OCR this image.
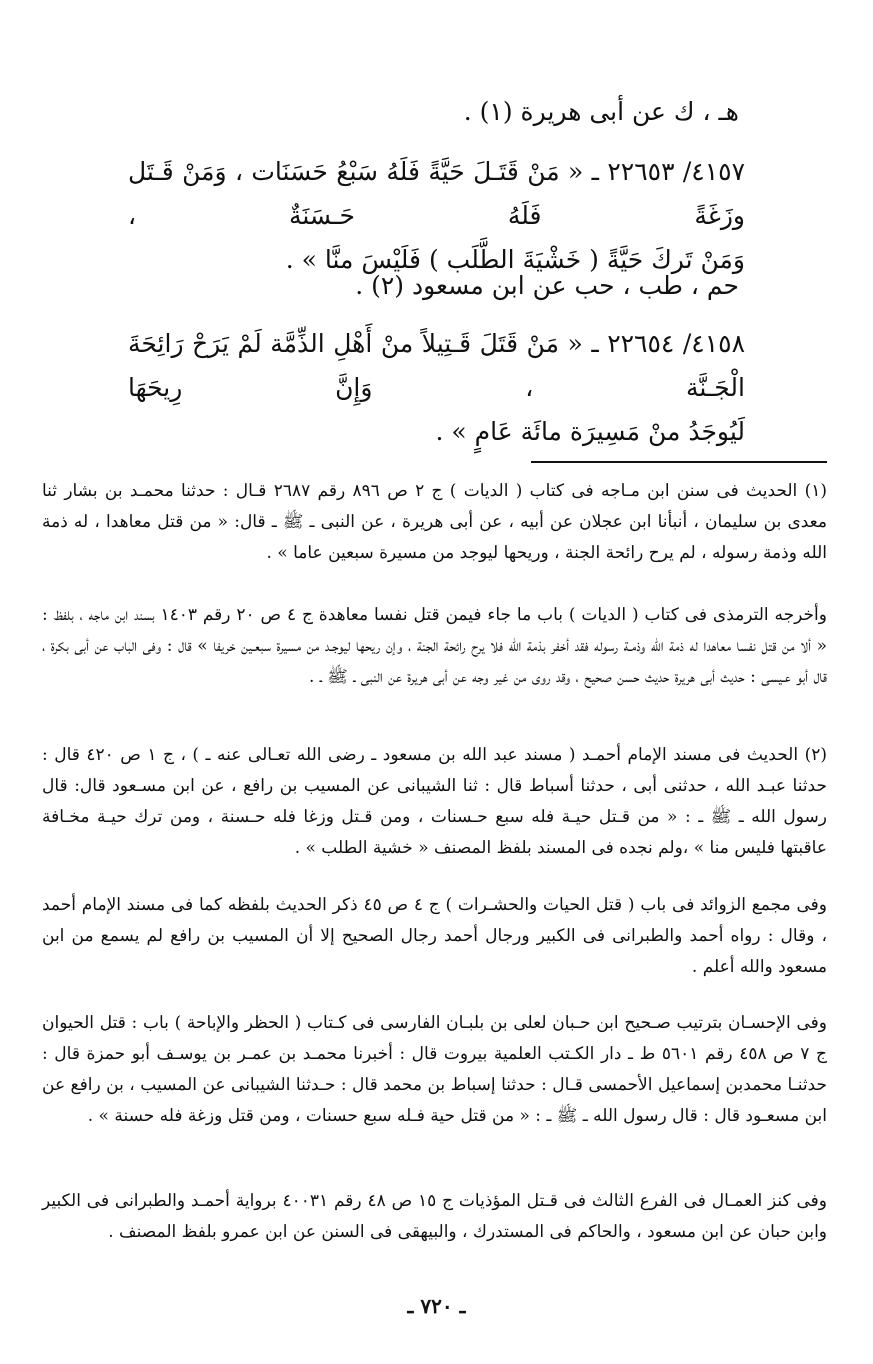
هـ ، ك عن أبى هريرة (١) .
٤١٥٧/ ٢٢٦٥٣ ـ « مَنْ قَتَـلَ حَيَّةً فَلَهُ سَبْعُ حَسَنَات ، وَمَنْ قَـتَل وزَغَةً فَلَهُ حَـسَنَةٌ ،
وَمَنْ تَركَ حَيَّةً ( خَشْيَةَ الطَّلَب ) فَلَيْسَ منَّا » .
حم ، طب ، حب عن ابن مسعود (٢) .
٤١٥٨/ ٢٢٦٥٤ ـ « مَنْ قَتَلَ قَـتِيلاً منْ أَهْلِ الذِّمَّة لَمْ يَرَحْ رَائِحَةَ الْجَـنَّة ، وَإِنَّ رِيحَهَا
لَيُوجَدُ منْ مَسِيرَة مائَة عَامٍ » .
(١) الحديث فى سنن ابن مـاجه فى كتاب ( الديات ) ج ٢ ص ٨٩٦ رقم ٢٦٨٧ قـال : حدثنا محمـد بن بشار ثنا معدى بن سليمان ، أنبأنا ابن عجلان عن أبيه ، عن أبى هريرة ، عن النبى ـ ﷺ ـ قال: « من قتل معاهدا ، له ذمة الله وذمة رسوله ، لم يرح رائحة الجنة ، وريحها ليوجد من مسيرة سبعين عاما » .
وأخرجه الترمذى فى كتاب ( الديات ) باب ما جاء فيمن قتل نفسا معاهدة ج ٤ ص ٢٠ رقم ١٤٠٣ بسند ابن ماجه ، بلفظ : « ألا من قتل نفسا معاهدا له ذمة الله وذمـة رسوله فقد أخفر بذمة الله فلا يرح رائحة الجنة ، وإن ريحها ليوجـد من مسيرة سبعـين خريفا » قال : وفى الباب عن أبى بكرة ، قال أبو عـيسى : حديث أبى هريرة حديث حسن صحيح ، وقد روى من غير وجه عن أبى هريرة عن النبى ـ ﷺ ـ .
(٢) الحديث فى مسند الإمام أحمـد ( مسند عبد الله بن مسعود ـ رضى الله تعـالى عنه ـ ) ، ج ١ ص ٤٢٠ قال : حدثنا عبـد الله ، حدثنى أبى ، حدثنا أسباط قال : ثنا الشيبانى عن المسيب بن رافع ، عن ابن مسـعود قال: قال رسول الله ـ ﷺ ـ : « من قـتل حيـة فله سبع حـسنات ، ومن قـتل وزغا فله حـسنة ، ومن ترك حيـة مخـافة عاقبتها فليس منا » ،ولم نجده فى المسند بلفظ المصنف « خشية الطلب » .
وفى مجمع الزوائد فى باب ( قتل الحيات والحشـرات ) ج ٤ ص ٤٥ ذكر الحديث بلفظه كما فى مسند الإمام أحمد ، وقال : رواه أحمد والطبرانى فى الكبير ورجال أحمد رجال الصحيح إلا أن المسيب بن رافع لم يسمع من ابن مسعود والله أعلم .
وفى الإحسـان بترتيب صـحيح ابن حـبان لعلى بن بلبـان الفارسى فى كـتاب ( الحظر والإباحة ) باب : قتل الحيوان ج ٧ ص ٤٥٨ رقم ٥٦٠١ ط ـ دار الكـتب العلمية بيروت قال : أخبرنا محمـد بن عمـر بن يوسـف أبو حمزة قال : حدثنـا محمدبن إسماعيل الأحمسى قـال : حدثنا إسباط بن محمد قال : حـدثنا الشيبانى عن المسيب ، بن رافع عن ابن مسعـود قال : قال رسول الله ـ ﷺ ـ : « من قتل حية فـله سبع حسنات ، ومن قتل وزغة فله حسنة » .
وفى كنز العمـال فى الفرع الثالث فى قـتل المؤذيات ج ١٥ ص ٤٨ رقم ٤٠٠٣١ برواية أحمـد والطبرانى فى الكبير وابن حبان عن ابن مسعود ، والحاكم فى المستدرك ، والبيهقى فى السنن عن ابن عمرو بلفظ المصنف .
ـ ٧٢٠ ـ
